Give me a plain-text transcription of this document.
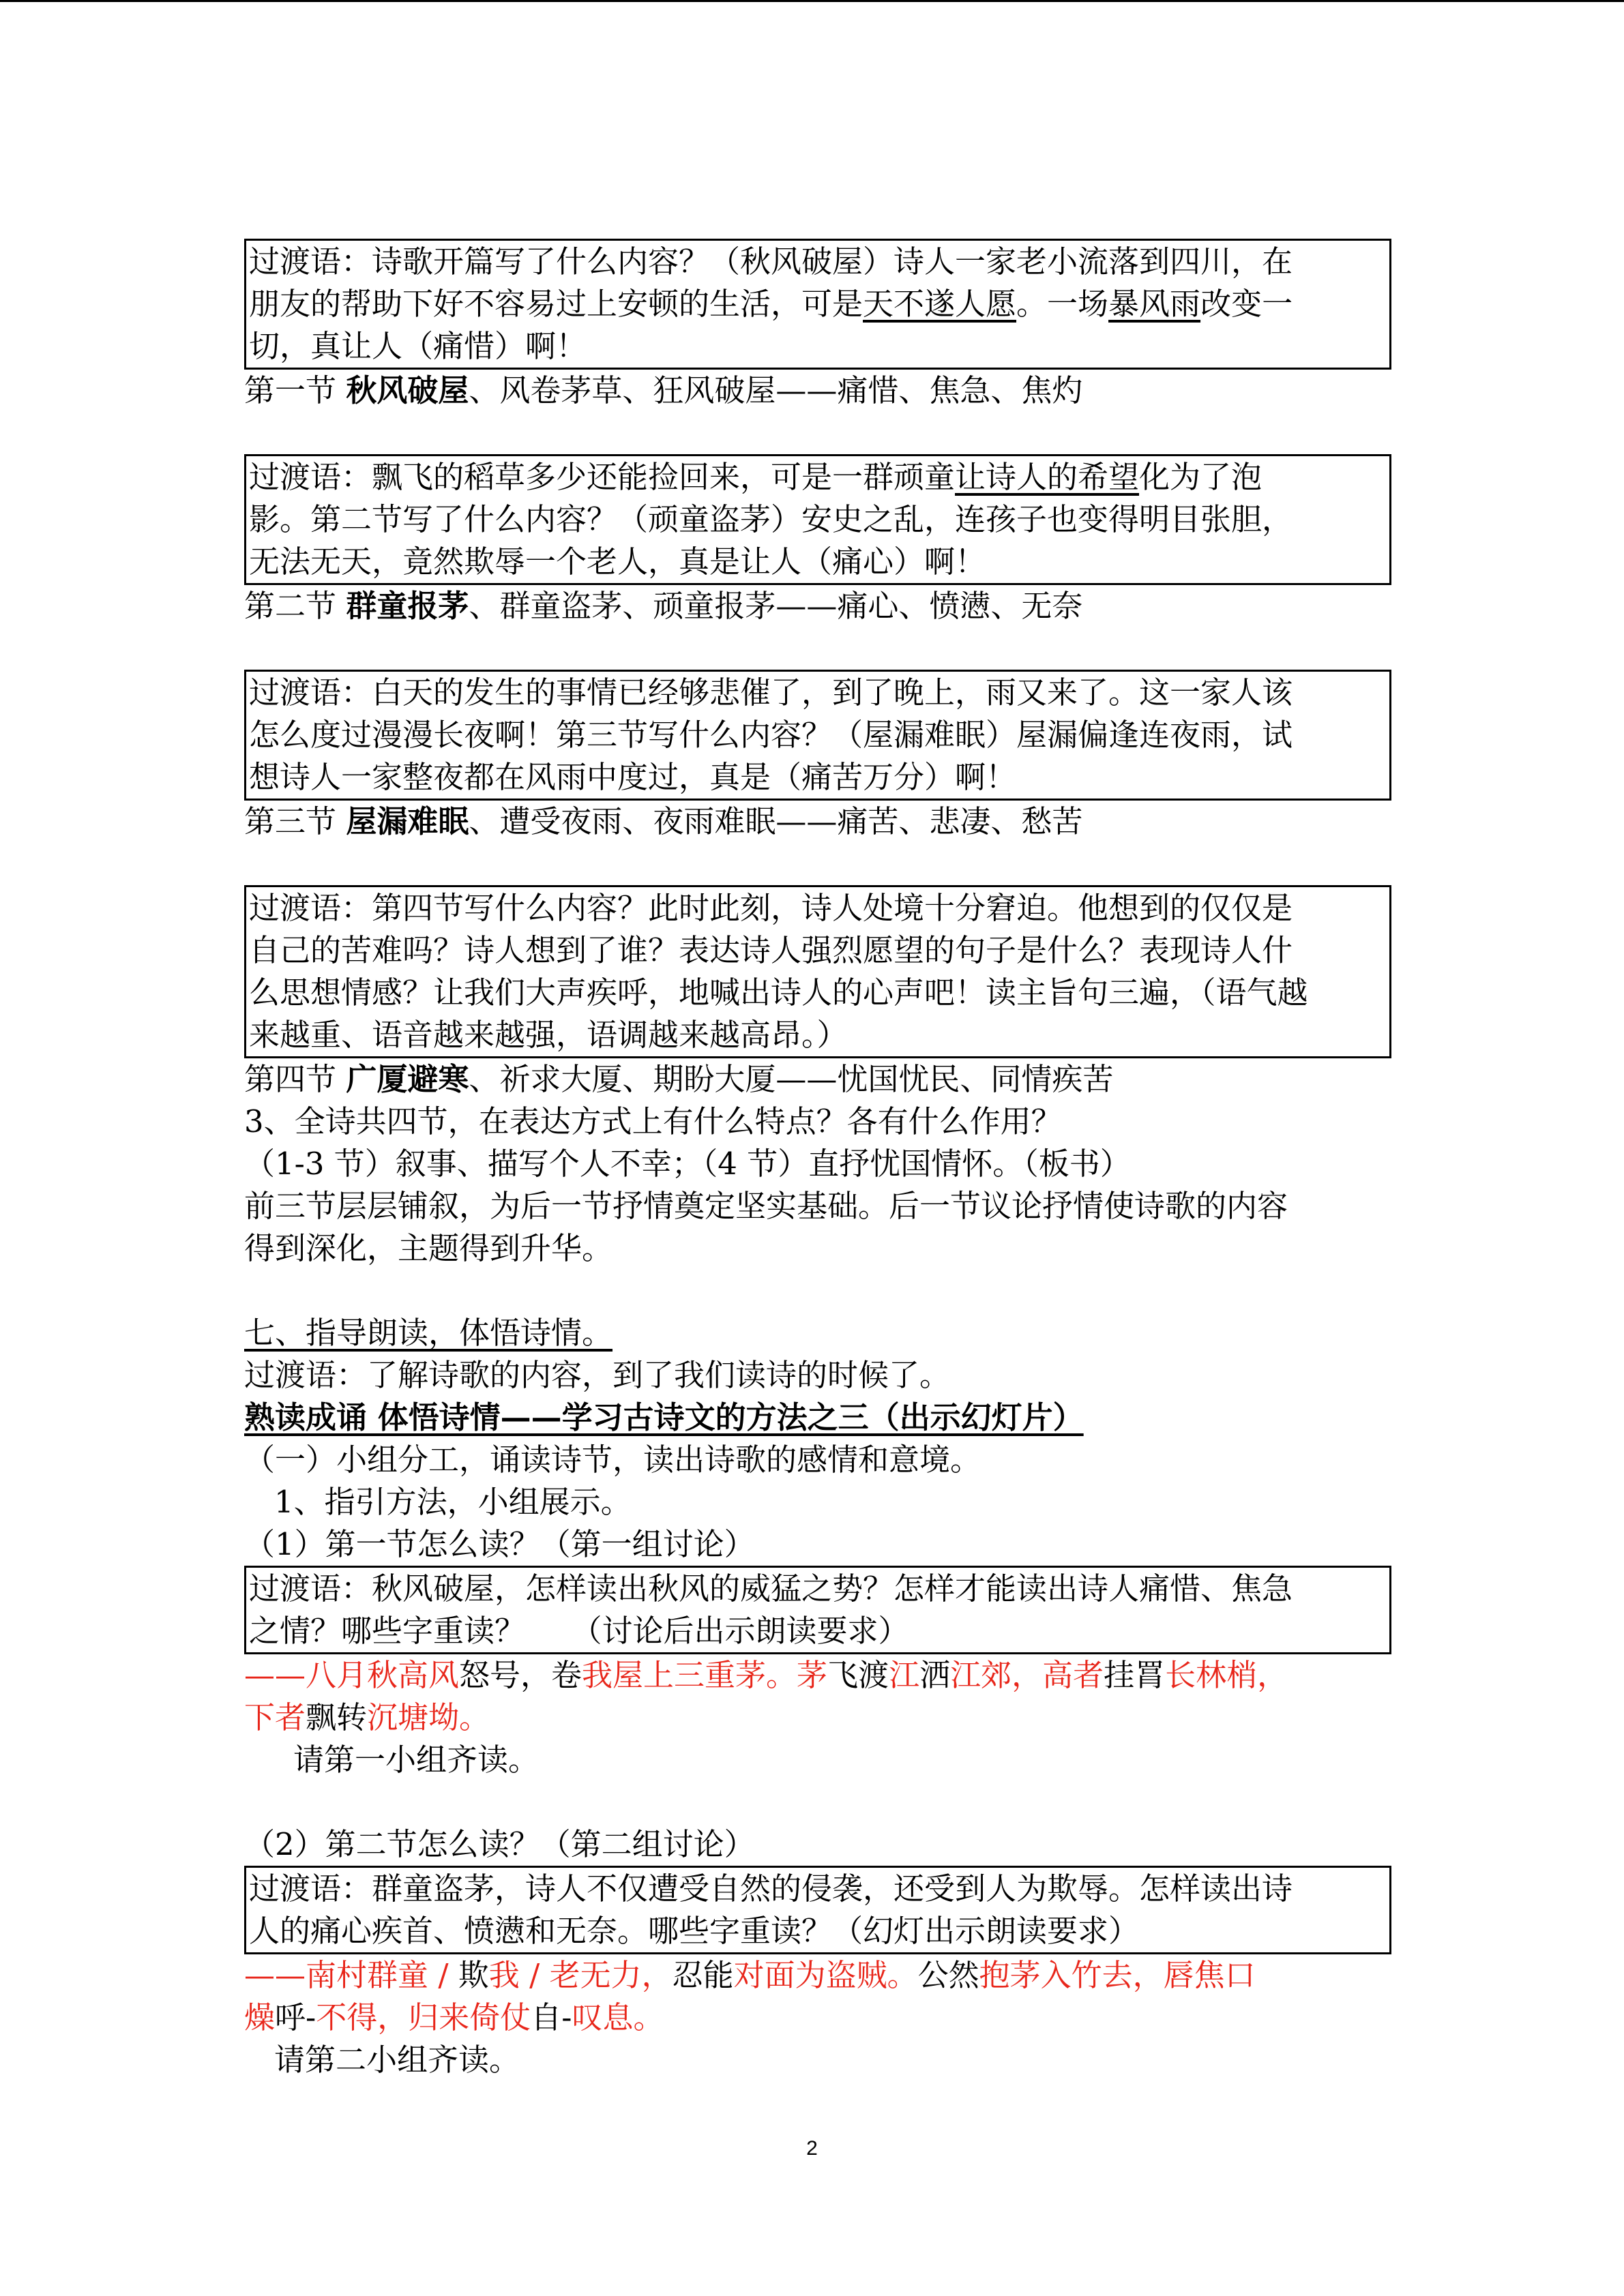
过渡语：诗歌开篇写了什么内容？（秋风破屋）诗人一家老小流落到四川，在
朋友的帮助下好不容易过上安顿的生活，可是天不遂人愿。一场暴风雨改变一
切，真让人（痛惜）啊！
第一节 秋风破屋、风卷茅草、狂风破屋——痛惜、焦急、焦灼
过渡语：飘飞的稻草多少还能捡回来，可是一群顽童让诗人的希望化为了泡
影。第二节写了什么内容？（顽童盗茅）安史之乱，连孩子也变得明目张胆，
无法无天，竟然欺辱一个老人，真是让人（痛心）啊！
第二节 群童报茅、群童盗茅、顽童报茅——痛心、愤懑、无奈
过渡语：白天的发生的事情已经够悲催了，到了晚上，雨又来了。这一家人该
怎么度过漫漫长夜啊！第三节写什么内容？（屋漏难眠）屋漏偏逢连夜雨，试
想诗人一家整夜都在风雨中度过，真是（痛苦万分）啊！
第三节 屋漏难眠、遭受夜雨、夜雨难眠——痛苦、悲凄、愁苦
过渡语：第四节写什么内容？此时此刻，诗人处境十分窘迫。他想到的仅仅是
自己的苦难吗？诗人想到了谁？表达诗人强烈愿望的句子是什么？表现诗人什
么思想情感？让我们大声疾呼，地喊出诗人的心声吧！读主旨句三遍，（语气越
来越重、语音越来越强，语调越来越高昂。）
第四节 广厦避寒、祈求大厦、期盼大厦——忧国忧民、同情疾苦
3、全诗共四节，在表达方式上有什么特点？各有什么作用？
（1-3 节）叙事、描写个人不幸；（4 节）直抒忧国情怀。（板书）
前三节层层铺叙，为后一节抒情奠定坚实基础。后一节议论抒情使诗歌的内容
得到深化，主题得到升华。
七、指导朗读，体悟诗情。
过渡语：了解诗歌的内容，到了我们读诗的时候了。
熟读成诵 体悟诗情——学习古诗文的方法之三（出示幻灯片）
（一）小组分工，诵读诗节，读出诗歌的感情和意境。
1、指引方法，小组展示。
（1）第一节怎么读？（第一组讨论）
过渡语：秋风破屋，怎样读出秋风的威猛之势？怎样才能读出诗人痛惜、焦急
之情？哪些字重读？　　（讨论后出示朗读要求）
——八月秋高风怒号，卷我屋上三重茅。茅飞渡江洒江郊，高者挂罥长林梢，
下者飘转沉塘坳。
请第一小组齐读。
（2）第二节怎么读？（第二组讨论）
过渡语：群童盗茅，诗人不仅遭受自然的侵袭，还受到人为欺辱。怎样读出诗
人的痛心疾首、愤懑和无奈。哪些字重读？（幻灯出示朗读要求）
——南村群童 / 欺我 / 老无力，忍能对面为盗贼。公然抱茅入竹去，唇焦口
燥呼-不得，归来倚仗自-叹息。
请第二小组齐读。
2
